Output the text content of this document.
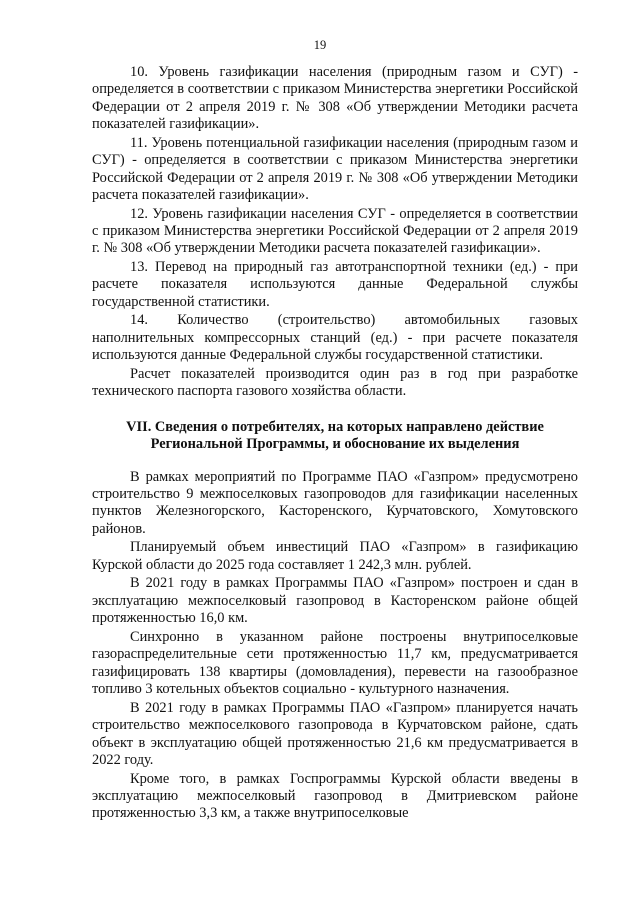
19

10. Уровень газификации населения (природным газом и СУГ) - определяется в соответствии с приказом Министерства энергетики Российской Федерации от 2 апреля 2019 г. № 308 «Об утверждении Методики расчета показателей газификации».

11. Уровень потенциальной газификации населения (природным газом и СУГ) - определяется в соответствии с приказом Министерства энергетики Российской Федерации от 2 апреля 2019 г. № 308 «Об утверждении Методики расчета показателей газификации».

12. Уровень газификации населения СУГ - определяется в соответствии с приказом Министерства энергетики Российской Федерации от 2 апреля 2019 г. № 308 «Об утверждении Методики расчета показателей газификации».

13. Перевод на природный газ автотранспортной техники (ед.) - при расчете показателя используются данные Федеральной службы государственной статистики.

14. Количество (строительство) автомобильных газовых наполнительных компрессорных станций (ед.) - при расчете показателя используются данные Федеральной службы государственной статистики.

Расчет показателей производится один раз в год при разработке технического паспорта газового хозяйства области.

VII. Сведения о потребителях, на которых направлено действие
Региональной Программы, и обоснование их выделения

В рамках мероприятий по Программе ПАО «Газпром» предусмотрено строительство 9 межпоселковых газопроводов для газификации населенных пунктов Железногорского, Касторенского, Курчатовского, Хомутовского районов.

Планируемый объем инвестиций ПАО «Газпром» в газификацию Курской области до 2025 года составляет 1 242,3 млн. рублей.

В 2021 году в рамках Программы ПАО «Газпром» построен и сдан в эксплуатацию межпоселковый газопровод в Касторенском районе общей протяженностью 16,0 км.

Синхронно в указанном районе построены внутрипоселковые газораспределительные сети протяженностью 11,7 км, предусматривается газифицировать 138 квартиры (домовладения), перевести на газообразное топливо 3 котельных объектов социально - культурного назначения.

В 2021 году в рамках Программы ПАО «Газпром» планируется начать строительство межпоселкового газопровода в Курчатовском районе, сдать объект в эксплуатацию общей протяженностью 21,6 км предусматривается в 2022 году.

Кроме того, в рамках Госпрограммы Курской области введены в эксплуатацию межпоселковый газопровод в Дмитриевском районе протяженностью 3,3 км, а также внутрипоселковые
